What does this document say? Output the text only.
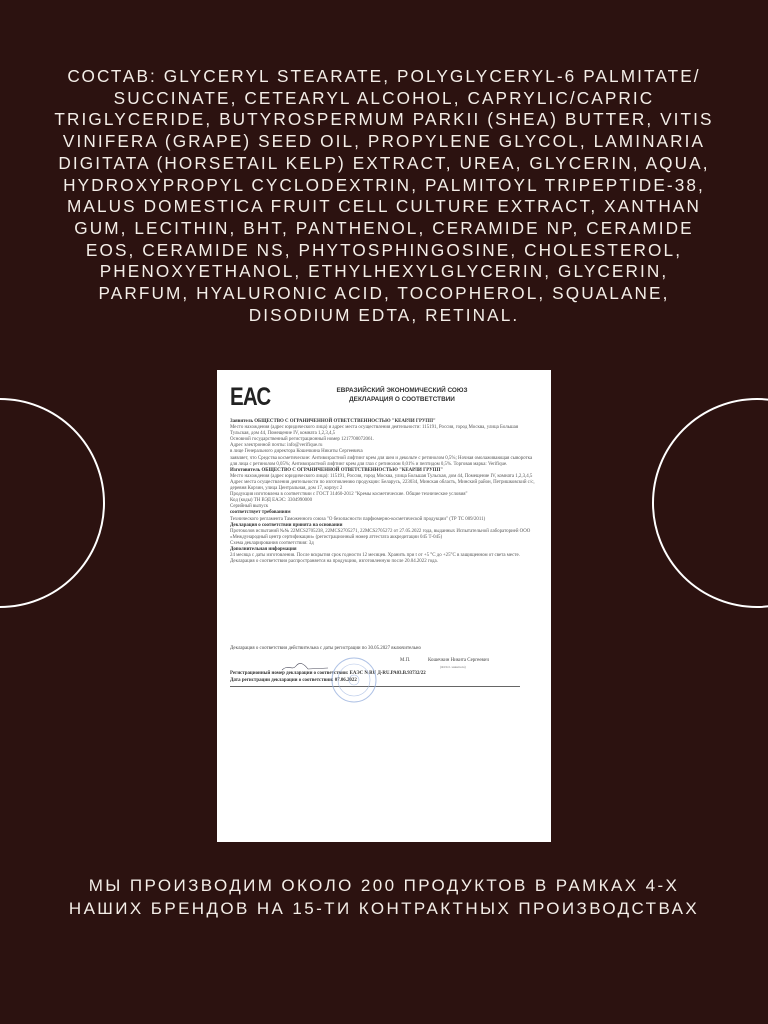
СОСТАВ: GLYCERYL STEARATE, POLYGLYCERYL-6 PALMITATE/
SUCCINATE, CETEARYL ALCOHOL, CAPRYLIC/CAPRIC
TRIGLYCERIDE, BUTYROSPERMUM PARKII (SHEA) BUTTER, VITIS
VINIFERA (GRAPE) SEED OIL, PROPYLENE GLYCOL, LAMINARIA
DIGITATA (HORSETAIL KELP) EXTRACT, UREA, GLYCERIN, AQUA,
HYDROXYPROPYL CYCLODEXTRIN, PALMITOYL TRIPEPTIDE-38,
MALUS DOMESTICA FRUIT CELL CULTURE EXTRACT, XANTHAN
GUM, LECITHIN, BHT, PANTHENOL, CERAMIDE NP, CERAMIDE
EOS, CERAMIDE NS, PHYTOSPHINGOSINE, CHOLESTEROL,
PHENOXYETHANOL, ETHYLHEXYLGLYCERIN, GLYCERIN,
PARFUM, HYALURONIC ACID, TOCOPHEROL, SQUALANE,
DISODIUM EDTA, RETINAL.

ЕАС	ЕВРАЗИЙСКИЙ ЭКОНОМИЧЕСКИЙ СОЮЗ
ДЕКЛАРАЦИЯ О СООТВЕТСТВИИ

Заявитель ОБЩЕСТВО С ОГРАНИЧЕННОЙ ОТВЕТСТВЕННОСТЬЮ "КЕАРЛИ ГРУПП"

Место нахождения (адрес юридического лица) и адрес места осуществления деятельности: 115191, Россия, город Москва, улица Большая Тульская, дом 44, Помещение IV, комната 1,2,3,4,5

Основной государственный регистрационный номер 1217700072061.

Адрес электронной почты: info@verifique.ru

в лице Генерального директора Кошечкина Никиты Сергеевича

заявляет, что Средства косметические: Антивозрастной лифтинг крем для шеи и декольте с ретинолом 0,5%; Ночная омолаживающая сыворотка для лица с ретинолом 0,05%; Антивозрастной лифтинг крем для глаз с ретинолом 0,01% и пептидом 0,5%. Торговая марка: Verifique.

Изготовитель ОБЩЕСТВО С ОГРАНИЧЕННОЙ ОТВЕТСТВЕННОСТЬЮ "КЕАРЛИ ГРУПП"

Место нахождения (адрес юридического лица): 115191, Россия, город Москва, улица Большая Тульская, дом 44, Помещение IV, комната 1,2,3,4,5

Адрес места осуществления деятельности по изготовлению продукции: Беларусь, 223034, Минская область, Минский район, Петришковский с/с, деревня Корзин, улица Центральная, дом 17, корпус 2

Продукция изготовлена в соответствии с ГОСТ 31460-2012 "Кремы косметические. Общие технические условия"

Код (коды) ТН ВЭД ЕАЭС: 3304990000

Серийный выпуск

соответствует требованиям

Технического регламента Таможенного союза "О безопасности парфюмерно-косметической продукции" (ТР ТС 009/2011)

Декларация о соответствии принята на основании

Протоколов испытаний №№ 22MCS2705238, 22MCS2705271, 22MCS2705272 от 27.05.2022 года, выданных Испытательной лабораторией ООО «Международный центр сертификации» (регистрационный номер аттестата аккредитации 045 Т-045)

Схема декларирования соответствия: 3д

Дополнительная информация

24 месяца с даты изготовления. После вскрытия срок годности 12 месяцев. Хранить при t от +5 °С до +25°С в защищенном от света месте. Декларация о соответствии распространяется на продукцию, изготовленную после 20.04.2022 года.

Декларация о соответствии действительна с даты регистрации по 30.05.2027 включительно

М.П.	Кошечкин Никита Сергеевич
(Ф.И.О. заявителя)
Регистрационный номер декларации о соответствии: ЕАЭС N RU Д-RU.РА03.В.93732/22
Дата регистрации декларации о соответствии: 07.06.2022

МЫ ПРОИЗВОДИМ ОКОЛО 200 ПРОДУКТОВ В РАМКАХ 4-Х
НАШИХ БРЕНДОВ НА 15-ТИ КОНТРАКТНЫХ ПРОИЗВОДСТВАХ
